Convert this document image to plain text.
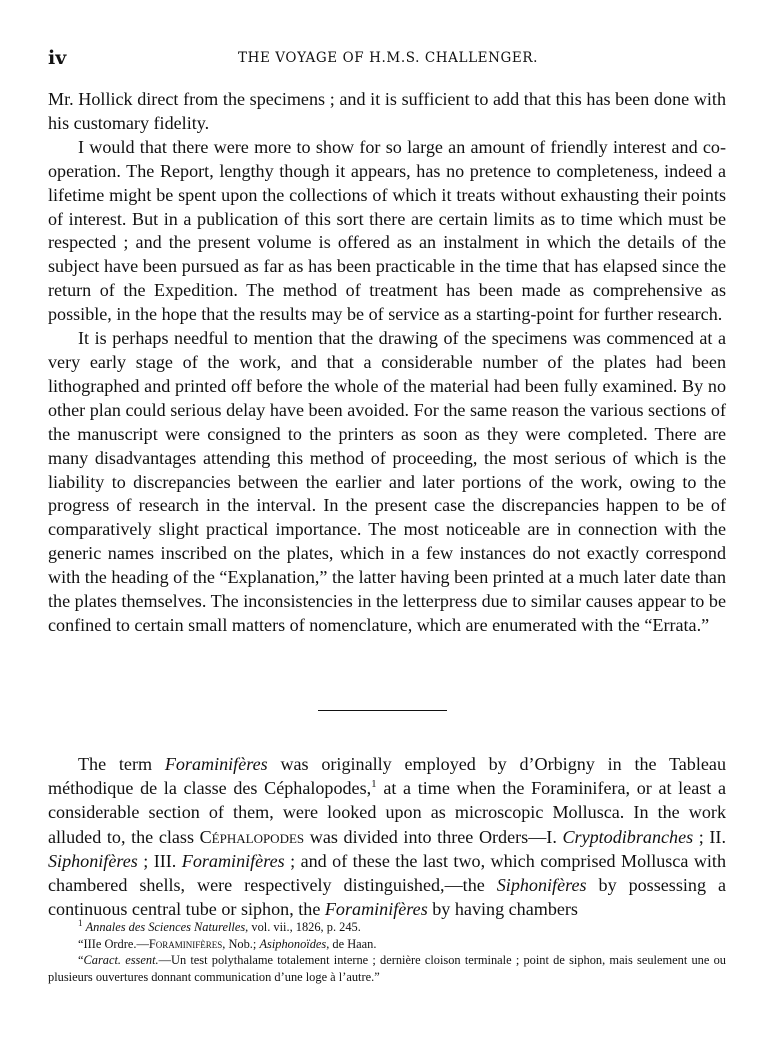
iv	THE VOYAGE OF H.M.S. CHALLENGER.

Mr. Hollick direct from the specimens ; and it is sufficient to add that this has been done with his customary fidelity.

I would that there were more to show for so large an amount of friendly interest and co-operation. The Report, lengthy though it appears, has no pretence to completeness, indeed a lifetime might be spent upon the collections of which it treats without exhausting their points of interest. But in a publication of this sort there are certain limits as to time which must be respected ; and the present volume is offered as an instalment in which the details of the subject have been pursued as far as has been practicable in the time that has elapsed since the return of the Expedition. The method of treatment has been made as comprehensive as possible, in the hope that the results may be of service as a starting-point for further research.

It is perhaps needful to mention that the drawing of the specimens was commenced at a very early stage of the work, and that a considerable number of the plates had been lithographed and printed off before the whole of the material had been fully examined. By no other plan could serious delay have been avoided. For the same reason the various sections of the manuscript were consigned to the printers as soon as they were completed. There are many disadvantages attending this method of proceeding, the most serious of which is the liability to discrepancies between the earlier and later portions of the work, owing to the progress of research in the interval. In the present case the discrepancies happen to be of comparatively slight practical importance. The most noticeable are in connection with the generic names inscribed on the plates, which in a few instances do not exactly correspond with the heading of the “Explanation,” the latter having been printed at a much later date than the plates themselves. The inconsistencies in the letterpress due to similar causes appear to be confined to certain small matters of nomenclature, which are enumerated with the “Errata.”

The term Foraminifères was originally employed by d’Orbigny in the Tableau méthodique de la classe des Céphalopodes,$^1$ at a time when the Foraminifera, or at least a considerable section of them, were looked upon as microscopic Mollusca. In the work alluded to, the class Céphalopodes was divided into three Orders—I. Cryptodibranches ; II. Siphonifères ; III. Foraminifères ; and of these the last two, which comprised Mollusca with chambered shells, were respectively distinguished,—the Siphonifères by possessing a continuous central tube or siphon, the Foraminifères by having chambers

$^1$ Annales des Sciences Naturelles, vol. vii., 1826, p. 245.

“IIIe Ordre.—Foraminifères, Nob.; Asiphonoïdes, de Haan.

“Caract. essent.—Un test polythalame totalement interne ; dernière cloison terminale ; point de siphon, mais seulement une ou plusieurs ouvertures donnant communication d’une loge à l’autre.”
